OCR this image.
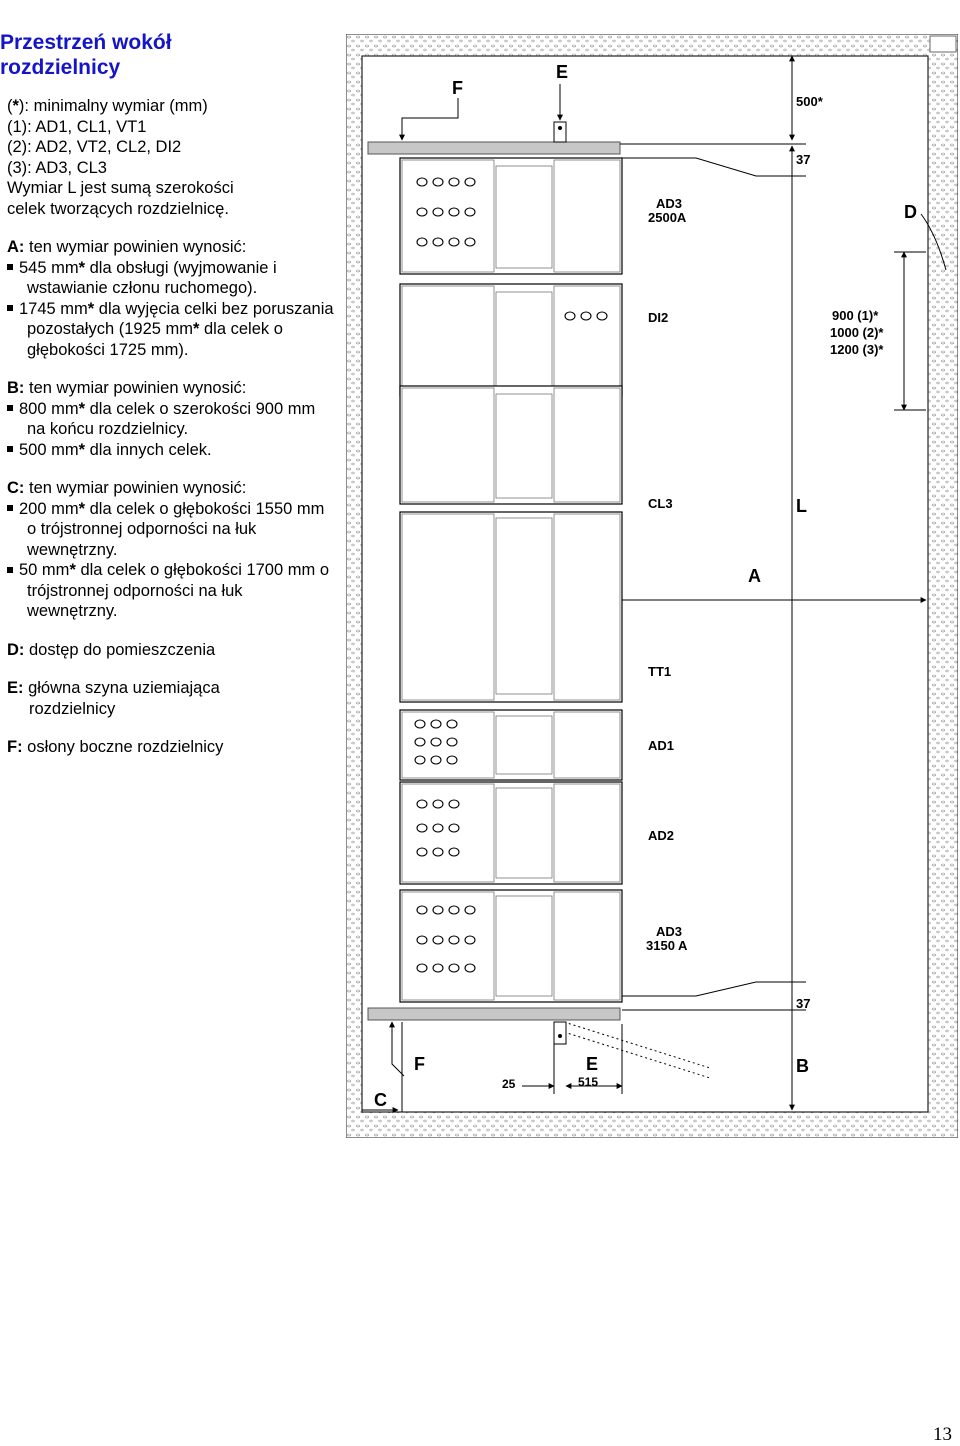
Przestrzeń wokół
rozdzielnicy

(*): minimalny wymiar (mm)

(1): AD1, CL1, VT1

(2): AD2, VT2, CL2, DI2

(3): AD3, CL3

Wymiar L jest sumą szerokości

celek tworzących rozdzielnicę.

A: ten wymiar powinien wynosić:

545 mm* dla obsługi (wyjmowanie i wstawianie członu ruchomego).

1745 mm* dla wyjęcia celki bez poruszania pozostałych (1925 mm* dla celek o głębokości 1725 mm).

B: ten wymiar powinien wynosić:

800 mm* dla celek o szerokości 900 mm na końcu rozdzielnicy.

500 mm* dla innych celek.

C: ten wymiar powinien wynosić:

200 mm* dla celek o głębokości 1550 mm o trójstronnej odporności na łuk wewnętrzny.

50 mm* dla celek o głębokości 1700 mm o trójstronnej odporności na łuk wewnętrzny.

D: dostęp do pomieszczenia

E: główna szyna uziemiająca

rozdzielnicy

F: osłony boczne rozdzielnicy

AD3
2500A
DI2
CL3
TT1
AD1
AD2
AD3
3150 A
F
E
D
L
A
B
C
F	E
500*
37
900 (1)*
1000 (2)*
1200 (3)*
37
25	515
13
